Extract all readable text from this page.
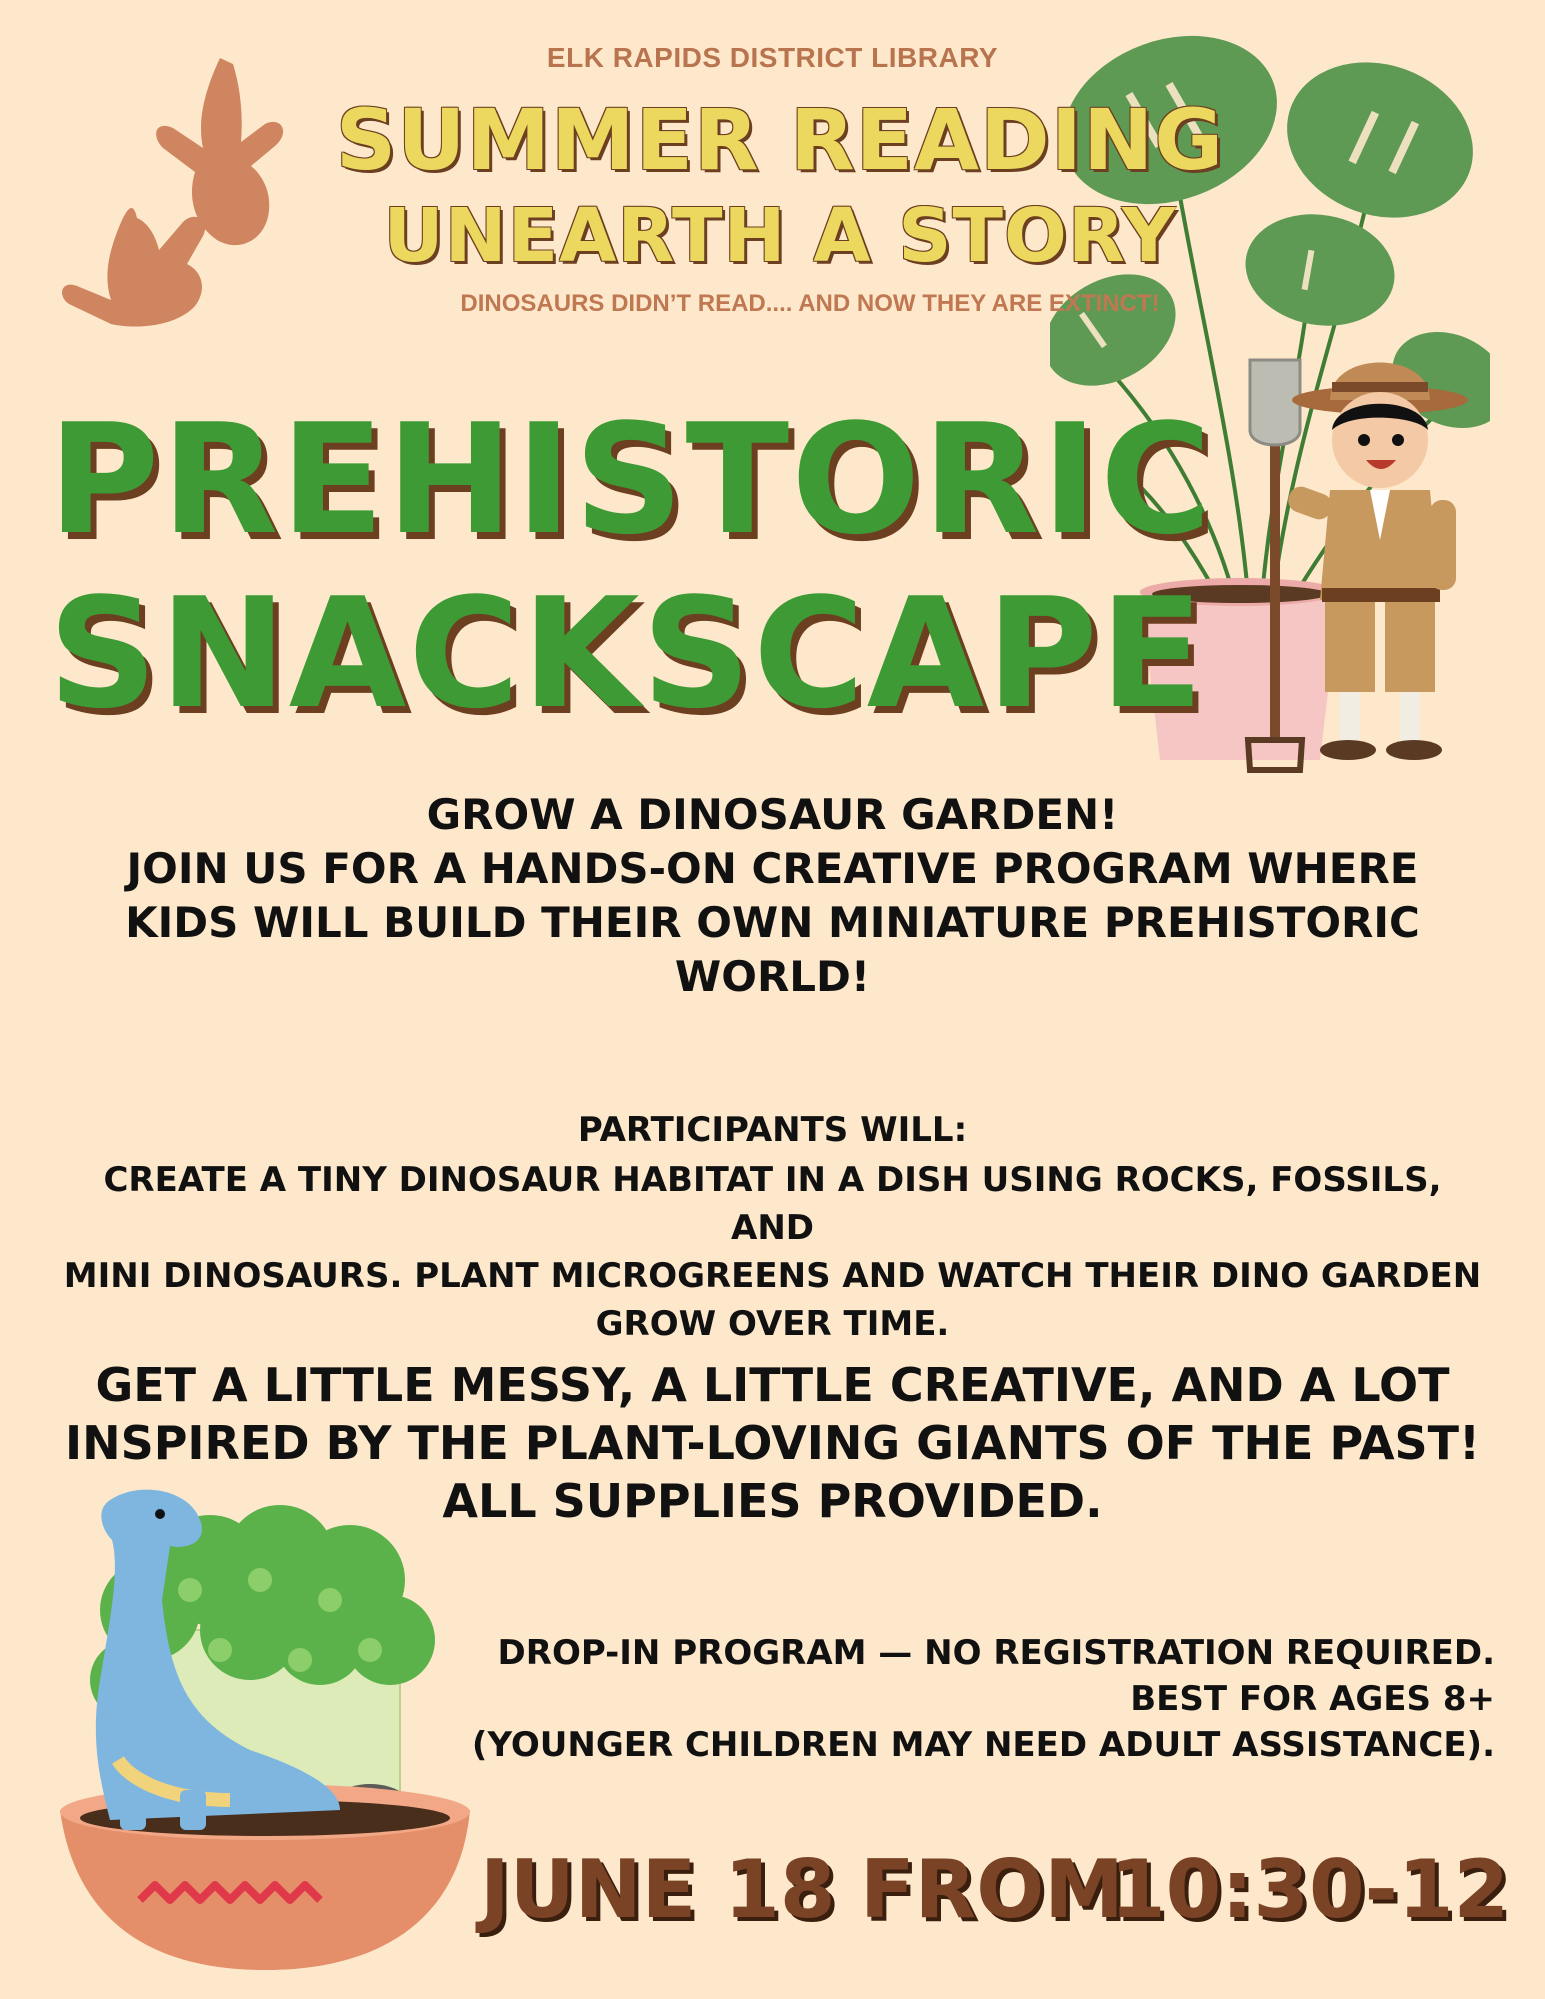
ELK RAPIDS DISTRICT LIBRARY
SUMMER READING
UNEARTH A STORY
DINOSAURS DIDN’T READ.... AND NOW THEY ARE EXTINCT!
PREHISTORIC
SNACKSCAPE
GROW A DINOSAUR GARDEN!
JOIN US FOR A HANDS-ON CREATIVE PROGRAM WHERE
KIDS WILL BUILD THEIR OWN MINIATURE PREHISTORIC
WORLD!
PARTICIPANTS WILL:
CREATE A TINY DINOSAUR HABITAT IN A DISH USING ROCKS, FOSSILS, AND
MINI DINOSAURS. PLANT MICROGREENS AND WATCH THEIR DINO GARDEN
GROW OVER TIME.
GET A LITTLE MESSY, A LITTLE CREATIVE, AND A LOT
INSPIRED BY THE PLANT-LOVING GIANTS OF THE PAST!
ALL SUPPLIES PROVIDED.
DROP-IN PROGRAM — NO REGISTRATION REQUIRED.
BEST FOR AGES 8+
(YOUNGER CHILDREN MAY NEED ADULT ASSISTANCE).
JUNE 18 FROM
10:30-12
